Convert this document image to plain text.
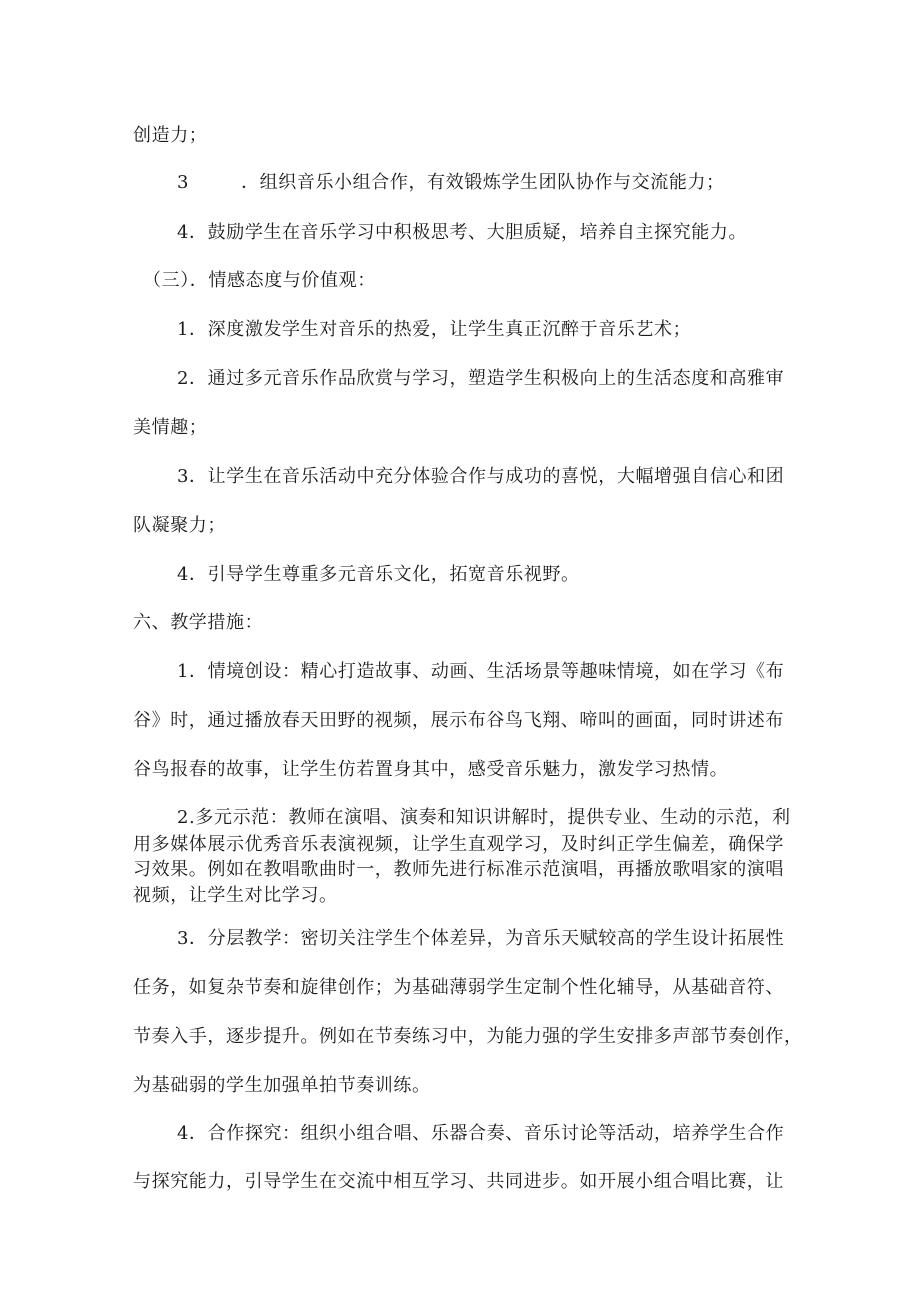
创造力；
3	．组织音乐小组合作，有效锻炼学生团队协作与交流能力；
4．鼓励学生在音乐学习中积极思考、大胆质疑，培养自主探究能力。
（三）．情感态度与价值观：
1．深度激发学生对音乐的热爱，让学生真正沉醉于音乐艺术；
2．通过多元音乐作品欣赏与学习，塑造学生积极向上的生活态度和高雅审
美情趣；
3．让学生在音乐活动中充分体验合作与成功的喜悦，大幅增强自信心和团
队凝聚力；
4．引导学生尊重多元音乐文化，拓宽音乐视野。
六、教学措施：
1．情境创设：精心打造故事、动画、生活场景等趣味情境，如在学习《布
谷》时，通过播放春天田野的视频，展示布谷鸟飞翔、啼叫的画面，同时讲述布
谷鸟报春的故事，让学生仿若置身其中，感受音乐魅力，激发学习热情。
2.多元示范：教师在演唱、演奏和知识讲解时，提供专业、生动的示范，利
用多媒体展示优秀音乐表演视频，让学生直观学习，及时纠正学生偏差，确保学
习效果。例如在教唱歌曲时一，教师先进行标准示范演唱，再播放歌唱家的演唱
视频，让学生对比学习。
3．分层教学：密切关注学生个体差异，为音乐天赋较高的学生设计拓展性
任务，如复杂节奏和旋律创作；为基础薄弱学生定制个性化辅导，从基础音符、
节奏入手，逐步提升。例如在节奏练习中，为能力强的学生安排多声部节奏创作，
为基础弱的学生加强单拍节奏训练。
4．合作探究：组织小组合唱、乐器合奏、音乐讨论等活动，培养学生合作
与探究能力，引导学生在交流中相互学习、共同进步。如开展小组合唱比赛，让
